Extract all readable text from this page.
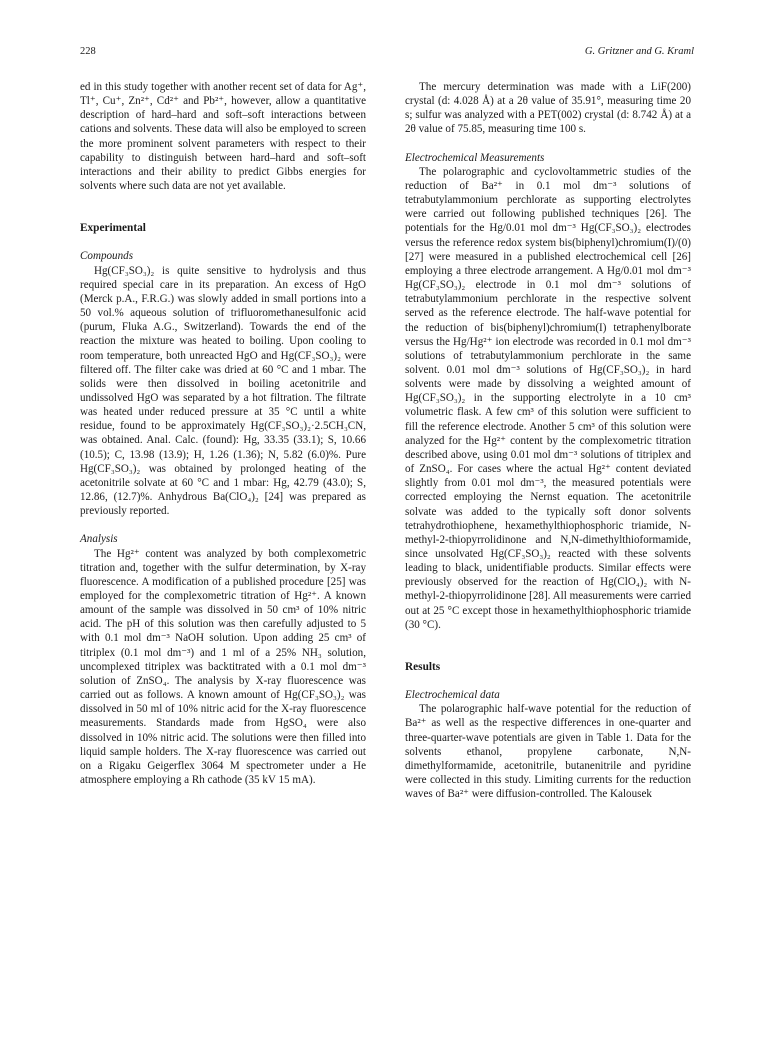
228	G. Gritzner and G. Kraml

ed in this study together with another recent set of data for Ag⁺, Tl⁺, Cu⁺, Zn²⁺, Cd²⁺ and Pb²⁺, however, allow a quantitative description of hard–hard and soft–soft interactions between cations and solvents. These data will also be employed to screen the more prominent solvent parameters with respect to their capability to distinguish between hard–hard and soft–soft interactions and their ability to predict Gibbs energies for solvents where such data are not yet available.

Experimental

Compounds

Hg(CF₃SO₃)₂ is quite sensitive to hydrolysis and thus required special care in its preparation. An excess of HgO (Merck p.A., F.R.G.) was slowly added in small portions into a 50 vol.% aqueous solution of trifluoromethanesulfonic acid (purum, Fluka A.G., Switzerland). Towards the end of the reaction the mixture was heated to boiling. Upon cooling to room temperature, both unreacted HgO and Hg(CF₃SO₃)₂ were filtered off. The filter cake was dried at 60 °C and 1 mbar. The solids were then dissolved in boiling acetonitrile and undissolved HgO was separated by a hot filtration. The filtrate was heated under reduced pressure at 35 °C until a white residue, found to be approximately Hg(CF₃SO₃)₂·2.5CH₃CN, was obtained. Anal. Calc. (found): Hg, 33.35 (33.1); S, 10.66 (10.5); C, 13.98 (13.9); H, 1.26 (1.36); N, 5.82 (6.0)%. Pure Hg(CF₃SO₃)₂ was obtained by prolonged heating of the acetonitrile solvate at 60 °C and 1 mbar: Hg, 42.79 (43.0); S, 12.86, (12.7)%. Anhydrous Ba(ClO₄)₂ [24] was prepared as previously reported.

Analysis

The Hg²⁺ content was analyzed by both complexometric titration and, together with the sulfur determination, by X-ray fluorescence. A modification of a published procedure [25] was employed for the complexometric titration of Hg²⁺. A known amount of the sample was dissolved in 50 cm³ of 10% nitric acid. The pH of this solution was then carefully adjusted to 5 with 0.1 mol dm⁻³ NaOH solution. Upon adding 25 cm³ of titriplex (0.1 mol dm⁻³) and 1 ml of a 25% NH₃ solution, uncomplexed titriplex was backtitrated with a 0.1 mol dm⁻³ solution of ZnSO₄. The analysis by X-ray fluorescence was carried out as follows. A known amount of Hg(CF₃SO₃)₂ was dissolved in 50 ml of 10% nitric acid for the X-ray fluorescence measurements. Standards made from HgSO₄ were also dissolved in 10% nitric acid. The solutions were then filled into liquid sample holders. The X-ray fluorescence was carried out on a Rigaku Geigerflex 3064 M spectrometer under a He atmosphere employing a Rh cathode (35 kV 15 mA).

The mercury determination was made with a LiF(200) crystal (d: 4.028 Å) at a 2θ value of 35.91°, measuring time 20 s; sulfur was analyzed with a PET(002) crystal (d: 8.742 Å) at a 2θ value of 75.85, measuring time 100 s.

Electrochemical Measurements

The polarographic and cyclovoltammetric studies of the reduction of Ba²⁺ in 0.1 mol dm⁻³ solutions of tetrabutylammonium perchlorate as supporting electrolytes were carried out following published techniques [26]. The potentials for the Hg/0.01 mol dm⁻³ Hg(CF₃SO₃)₂ electrodes versus the reference redox system bis(biphenyl)chromium(I)/(0) [27] were measured in a published electrochemical cell [26] employing a three electrode arrangement. A Hg/0.01 mol dm⁻³ Hg(CF₃SO₃)₂ electrode in 0.1 mol dm⁻³ solutions of tetrabutylammonium perchlorate in the respective solvent served as the reference electrode. The half-wave potential for the reduction of bis(biphenyl)chromium(I) tetraphenylborate versus the Hg/Hg²⁺ ion electrode was recorded in 0.1 mol dm⁻³ solutions of tetrabutylammonium perchlorate in the same solvent. 0.01 mol dm⁻³ solutions of Hg(CF₃SO₃)₂ in hard solvents were made by dissolving a weighted amount of Hg(CF₃SO₃)₂ in the supporting electrolyte in a 10 cm³ volumetric flask. A few cm³ of this solution were sufficient to fill the reference electrode. Another 5 cm³ of this solution were analyzed for the Hg²⁺ content by the complexometric titration described above, using 0.01 mol dm⁻³ solutions of titriplex and of ZnSO₄. For cases where the actual Hg²⁺ content deviated slightly from 0.01 mol dm⁻³, the measured potentials were corrected employing the Nernst equation. The acetonitrile solvate was added to the typically soft donor solvents tetrahydrothiophene, hexamethylthiophosphoric triamide, N-methyl-2-thiopyrrolidinone and N,N-dimethylthioformamide, since unsolvated Hg(CF₃SO₃)₂ reacted with these solvents leading to black, unidentifiable products. Similar effects were previously observed for the reaction of Hg(ClO₄)₂ with N-methyl-2-thiopyrrolidinone [28]. All measurements were carried out at 25 °C except those in hexamethylthiophosphoric triamide (30 °C).

Results

Electrochemical data

The polarographic half-wave potential for the reduction of Ba²⁺ as well as the respective differences in one-quarter and three-quarter-wave potentials are given in Table 1. Data for the solvents ethanol, propylene carbonate, N,N-dimethylformamide, acetonitrile, butanenitrile and pyridine were collected in this study. Limiting currents for the reduction waves of Ba²⁺ were diffusion-controlled. The Kalousek
